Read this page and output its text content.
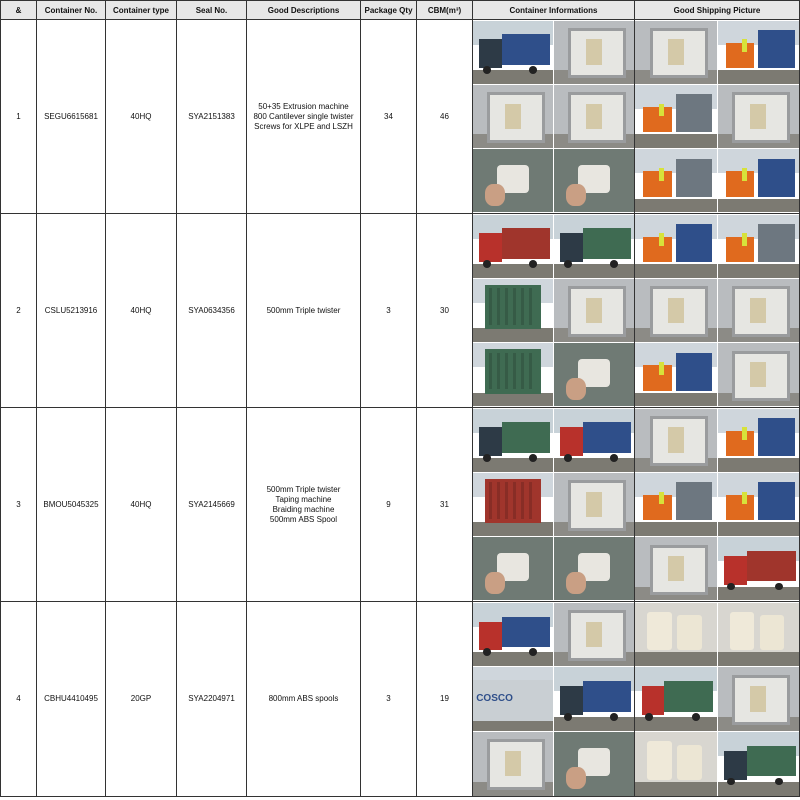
&	Container No.	Container type	Seal No.	Good Descriptions	Package Qty	CBM(m³)	Container Informations	Good Shipping Picture
1	SEGU6615681	40HQ	SYA2151383	50+35 Extrusion machine
800 Cantilever single twister
Screws for XLPE and LSZH	34	46	

2	CSLU5213916	40HQ	SYA0634356	500mm Triple twister	3	30	

3	BMOU5045325	40HQ	SYA2145669	500mm Triple twister
Taping machine
Braiding machine
500mm ABS Spool	9	31	

4	CBHU4410495	20GP	SYA2204971	800mm ABS spools	3	19	COSCO	
